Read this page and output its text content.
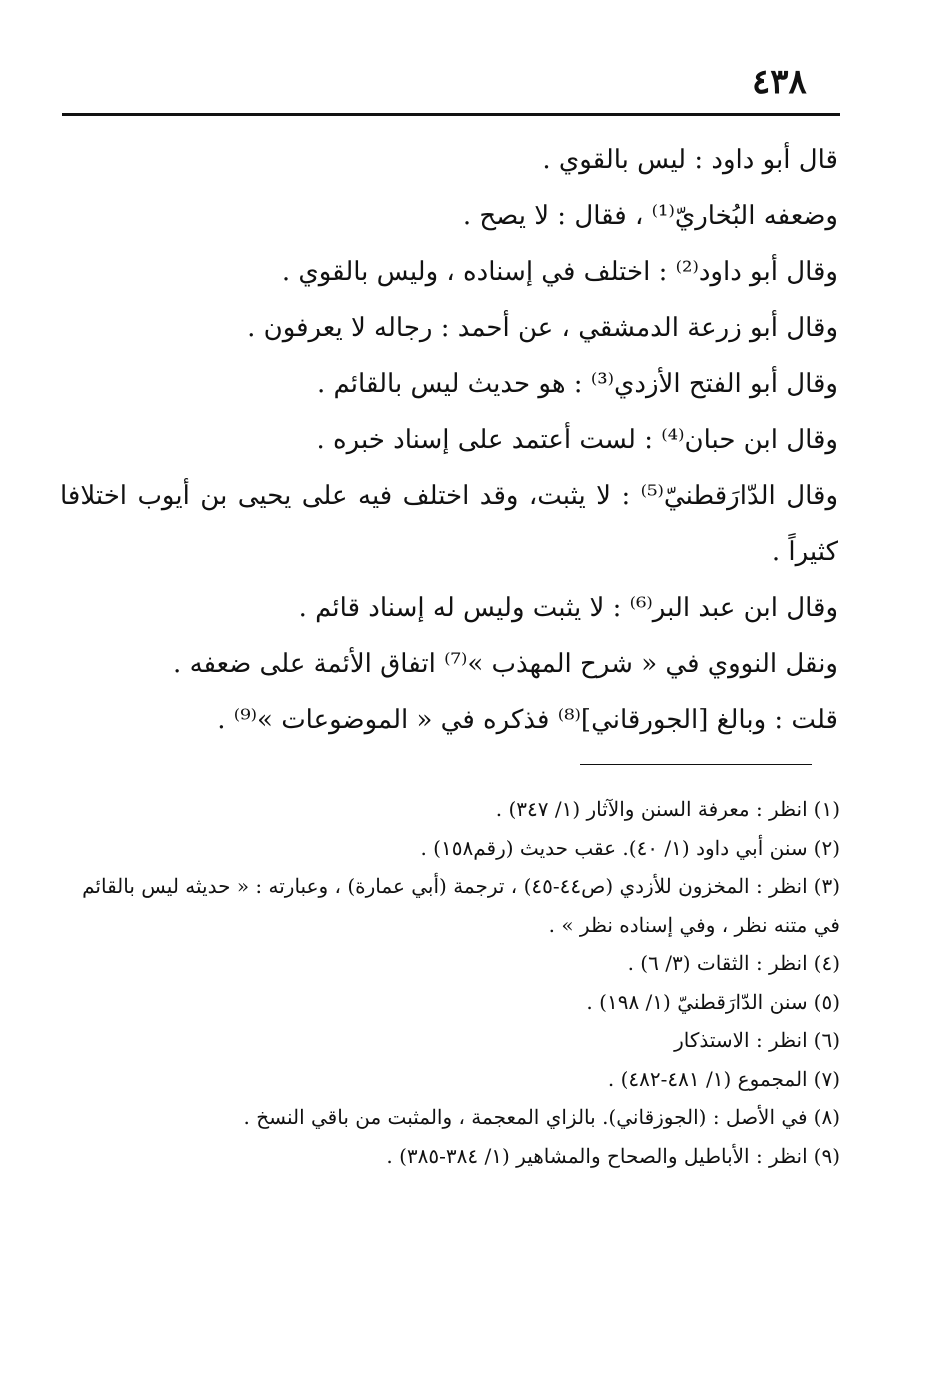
٤٣٨
قال أبو داود : ليس بالقوي .
وضعفه البُخاريّ⁽¹⁾ ، فقال : لا يصح .
وقال أبو داود⁽²⁾ : اختلف في إسناده ، وليس بالقوي .
وقال أبو زرعة الدمشقي ، عن أحمد : رجاله لا يعرفون .
وقال أبو الفتح الأزدي⁽³⁾ : هو حديث ليس بالقائم .
وقال ابن حبان⁽⁴⁾ : لست أعتمد على إسناد خبره .
وقال الدّارَقطنيّ⁽⁵⁾ : لا يثبت، وقد اختلف فيه على يحيى بن أيوب اختلافا كثيراً .
وقال ابن عبد البر⁽⁶⁾ : لا يثبت وليس له إسناد قائم .
ونقل النووي في « شرح المهذب »⁽⁷⁾ اتفاق الأئمة على ضعفه .
قلت : وبالغ [الجورقاني]⁽⁸⁾ فذكره في « الموضوعات »⁽⁹⁾ .
(١)انظر : معرفة السنن والآثار (١/ ٣٤٧) .
(٢)سنن أبي داود (١/ ٤٠). عقب حديث (رقم١٥٨) .
(٣)انظر : المخزون للأزدي (ص٤٤-٤٥) ، ترجمة (أبي عمارة) ، وعبارته : « حديثه ليس بالقائم في متنه نظر ، وفي إسناده نظر » .
(٤)انظر : الثقات (٣/ ٦) .
(٥)سنن الدّارَقطنيّ (١/ ١٩٨) .
(٦)انظر : الاستذكار
(٧)المجموع (١/ ٤٨١-٤٨٢) .
(٨)في الأصل : (الجوزقاني). بالزاي المعجمة ، والمثبت من باقي النسخ .
(٩)انظر : الأباطيل والصحاح والمشاهير (١/ ٣٨٤-٣٨٥) .
